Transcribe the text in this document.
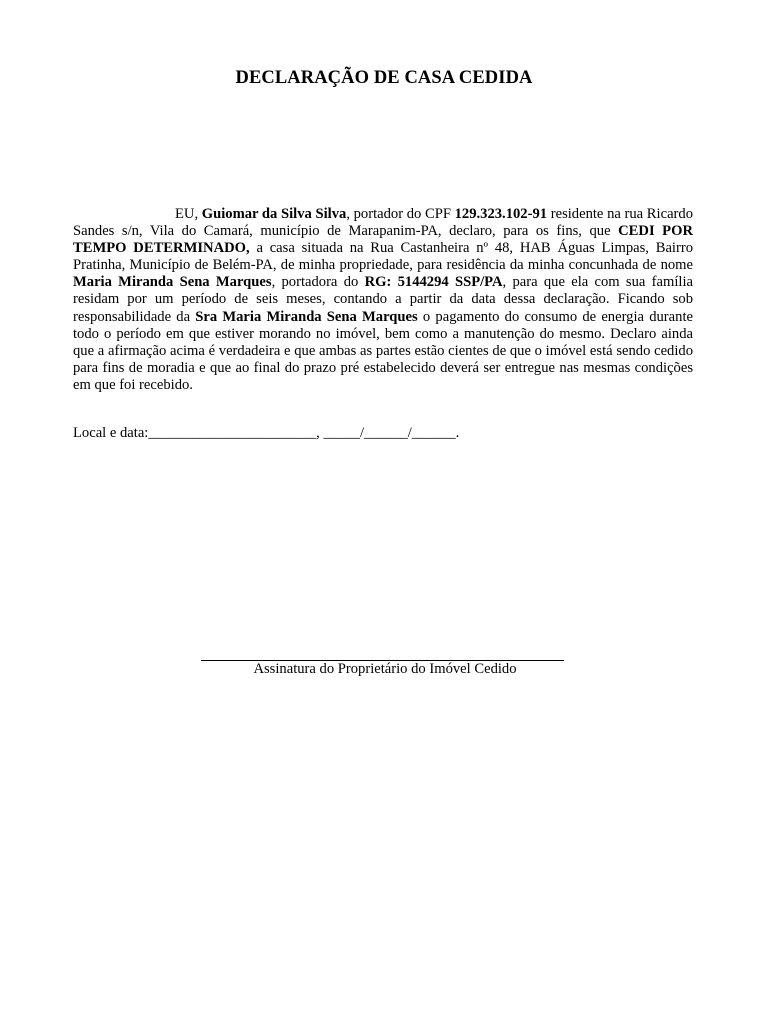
DECLARAÇÃO DE CASA CEDIDA

EU, Guiomar da Silva Silva, portador do CPF 129.323.102-91 residente na rua Ricardo Sandes s/n, Vila do Camará, município de Marapanim-PA, declaro, para os fins, que CEDI POR TEMPO DETERMINADO, a casa situada na Rua Castanheira nº 48, HAB Águas Limpas, Bairro Pratinha, Município de Belém-PA, de minha propriedade, para residência da minha concunhada de nome Maria Miranda Sena Marques, portadora do RG: 5144294 SSP/PA, para que ela com sua família residam por um período de seis meses, contando a partir da data dessa declaração. Ficando sob responsabilidade da Sra Maria Miranda Sena Marques o pagamento do consumo de energia durante todo o período em que estiver morando no imóvel, bem como a manutenção do mesmo. Declaro ainda que a afirmação acima é verdadeira e que ambas as partes estão cientes de que o imóvel está sendo cedido para fins de moradia e que ao final do prazo pré estabelecido deverá ser entregue nas mesmas condições em que foi recebido.

Local e data:_______________________, _____/______/______.
Assinatura do Proprietário do Imóvel Cedido
